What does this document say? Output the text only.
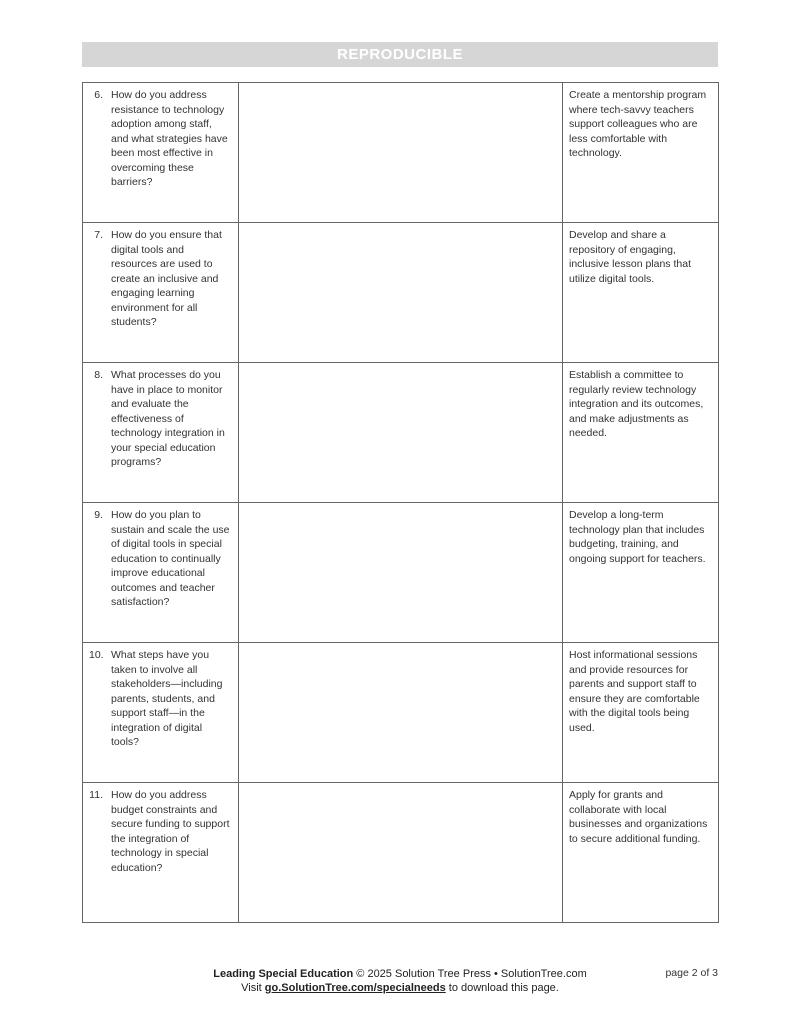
REPRODUCIBLE
6. How do you address resistance to technology adoption among staff, and what strategies have been most effective in overcoming these barriers?		Create a mentorship program where tech-savvy teachers support colleagues who are less comfortable with technology.

7. How do you ensure that digital tools and resources are used to create an inclusive and engaging learning environment for all students?		Develop and share a repository of engaging, inclusive lesson plans that utilize digital tools.

8. What processes do you have in place to monitor and evaluate the effectiveness of technology integration in your special education programs?		Establish a committee to regularly review technology integration and its outcomes, and make adjustments as needed.

9. How do you plan to sustain and scale the use of digital tools in special education to continually improve educational outcomes and teacher satisfaction?		Develop a long-term technology plan that includes budgeting, training, and ongoing support for teachers.

10. What steps have you taken to involve all stakeholders—including parents, students, and support staff—in the integration of digital tools?		Host informational sessions and provide resources for parents and support staff to ensure they are comfortable with the digital tools being used.

11. How do you address budget constraints and secure funding to support the integration of technology in special education?		Apply for grants and collaborate with local businesses and organizations to secure additional funding.
Leading Special Education © 2025 Solution Tree Press • SolutionTree.com
Visit go.SolutionTree.com/specialneeds to download this page.
page 2 of 3
